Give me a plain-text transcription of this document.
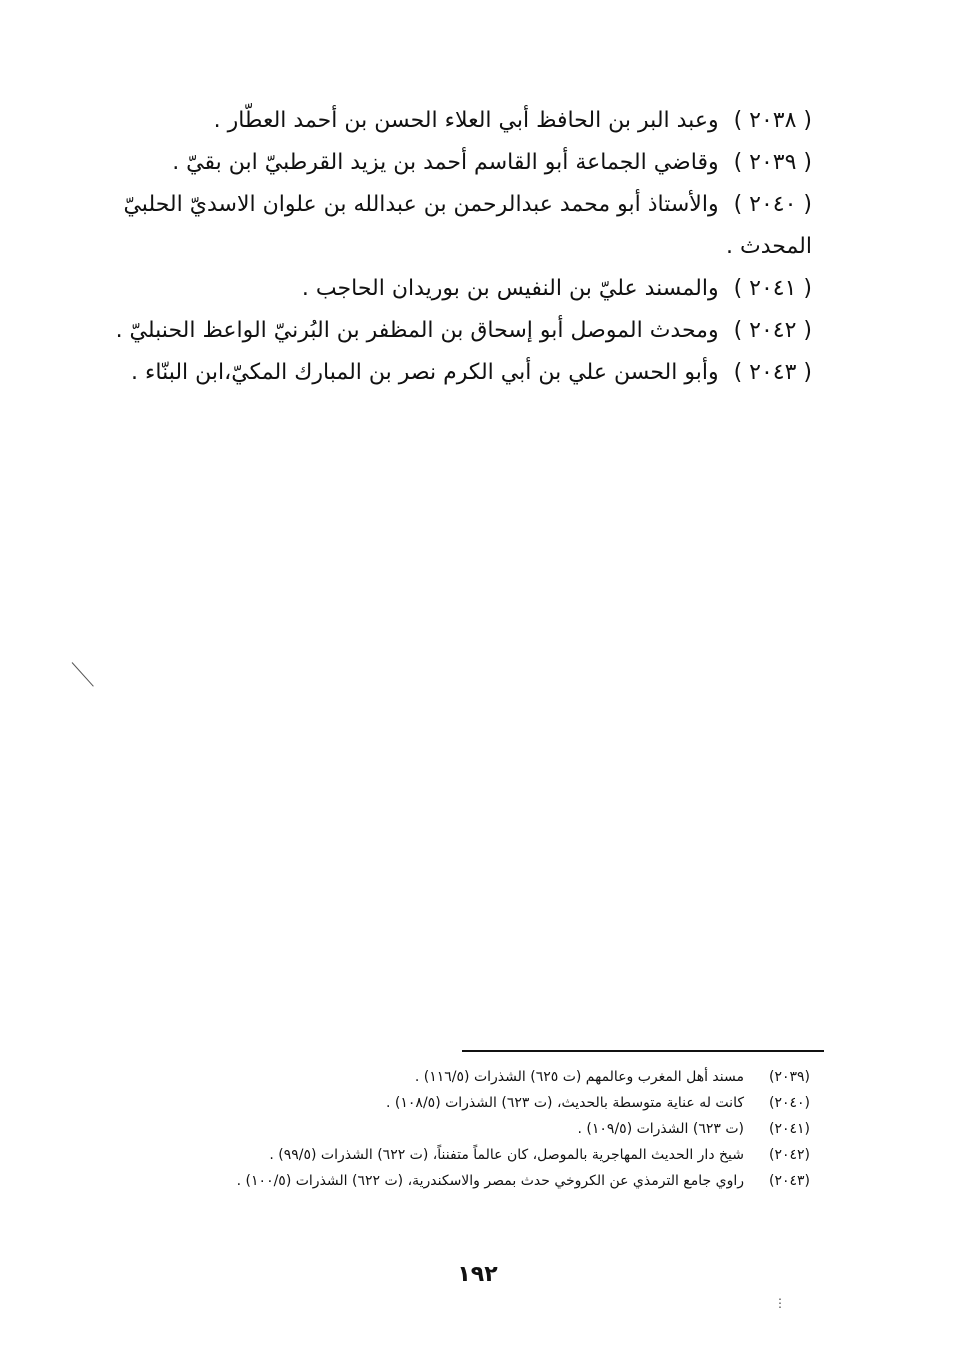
( ٢٠٣٨ ) وعبد البر بن الحافظ أبي العلاء الحسن بن أحمد العطّار .
( ٢٠٣٩ ) وقاضي الجماعة أبو القاسم أحمد بن يزيد القرطبيّ ابن بقيّ .
( ٢٠٤٠ ) والأستاذ أبو محمد عبدالرحمن بن عبدالله بن علوان الاسديّ الحلبيّ المحدث .
( ٢٠٤١ ) والمسند عليّ بن النفيس بن بوريدان الحاجب .
( ٢٠٤٢ ) ومحدث الموصل أبو إسحاق بن المظفر بن البُرنيّ الواعظ الحنبليّ .
( ٢٠٤٣ ) وأبو الحسن علي بن أبي الكرم نصر بن المبارك المكيّ،ابن البنّاء .
(٢٠٣٩)
مسند أهل المغرب وعالمهم (ت ٦٢٥) الشذرات (١١٦/٥) .
(٢٠٤٠)
كانت له عناية متوسطة بالحديث، (ت ٦٢٣) الشذرات (١٠٨/٥) .
(٢٠٤١)
(ت ٦٢٣) الشذرات (١٠٩/٥) .
(٢٠٤٢)
شيخ دار الحديث المهاجرية بالموصل، كان عالماً متفنناً، (ت ٦٢٢) الشذرات (٩٩/٥) .
(٢٠٤٣)
راوي جامع الترمذي عن الكروخي حدث بمصر والاسكندرية، (ت ٦٢٢) الشذرات (١٠٠/٥) .
١٩٢
⋮
